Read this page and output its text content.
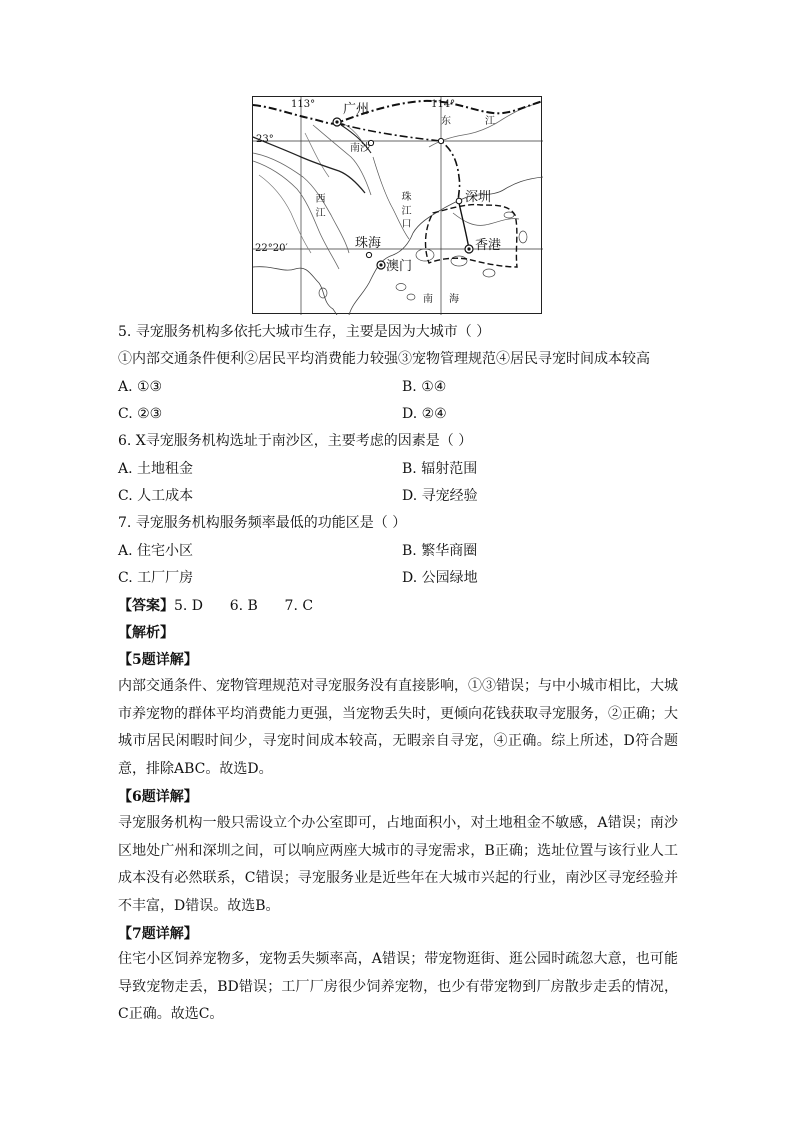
113°	114°
23°
22°20′
广州
东	江
南沙
西江
珠江口
深圳
香港
珠海
澳门
南 海
5. 寻宠服务机构多依托大城市生存，主要是因为大城市（ ）
①内部交通条件便利②居民平均消费能力较强③宠物管理规范④居民寻宠时间成本较高
A. ①③	B. ①④
C. ②③	D. ②④
6. X寻宠服务机构选址于南沙区，主要考虑的因素是（ ）
A. 土地租金	B. 辐射范围
C. 人工成本	D. 寻宠经验
7. 寻宠服务机构服务频率最低的功能区是（ ）
A. 住宅小区	B. 繁华商圈
C. 工厂厂房	D. 公园绿地
【答案】5. D      6. B      7. C
【解析】
【5题详解】
内部交通条件、宠物管理规范对寻宠服务没有直接影响，①③错误；与中小城市相比，大城市养宠物的群体平均消费能力更强，当宠物丢失时，更倾向花钱获取寻宠服务，②正确；大城市居民闲暇时间少，寻宠时间成本较高，无暇亲自寻宠，④正确。综上所述，D符合题意，排除ABC。故选D。
【6题详解】
寻宠服务机构一般只需设立个办公室即可，占地面积小，对土地租金不敏感，A错误；南沙区地处广州和深圳之间，可以响应两座大城市的寻宠需求，B正确；选址位置与该行业人工成本没有必然联系，C错误；寻宠服务业是近些年在大城市兴起的行业，南沙区寻宠经验并不丰富，D错误。故选B。
【7题详解】
住宅小区饲养宠物多，宠物丢失频率高，A错误；带宠物逛街、逛公园时疏忽大意，也可能导致宠物走丢，BD错误；工厂厂房很少饲养宠物，也少有带宠物到厂房散步走丢的情况，C正确。故选C。
